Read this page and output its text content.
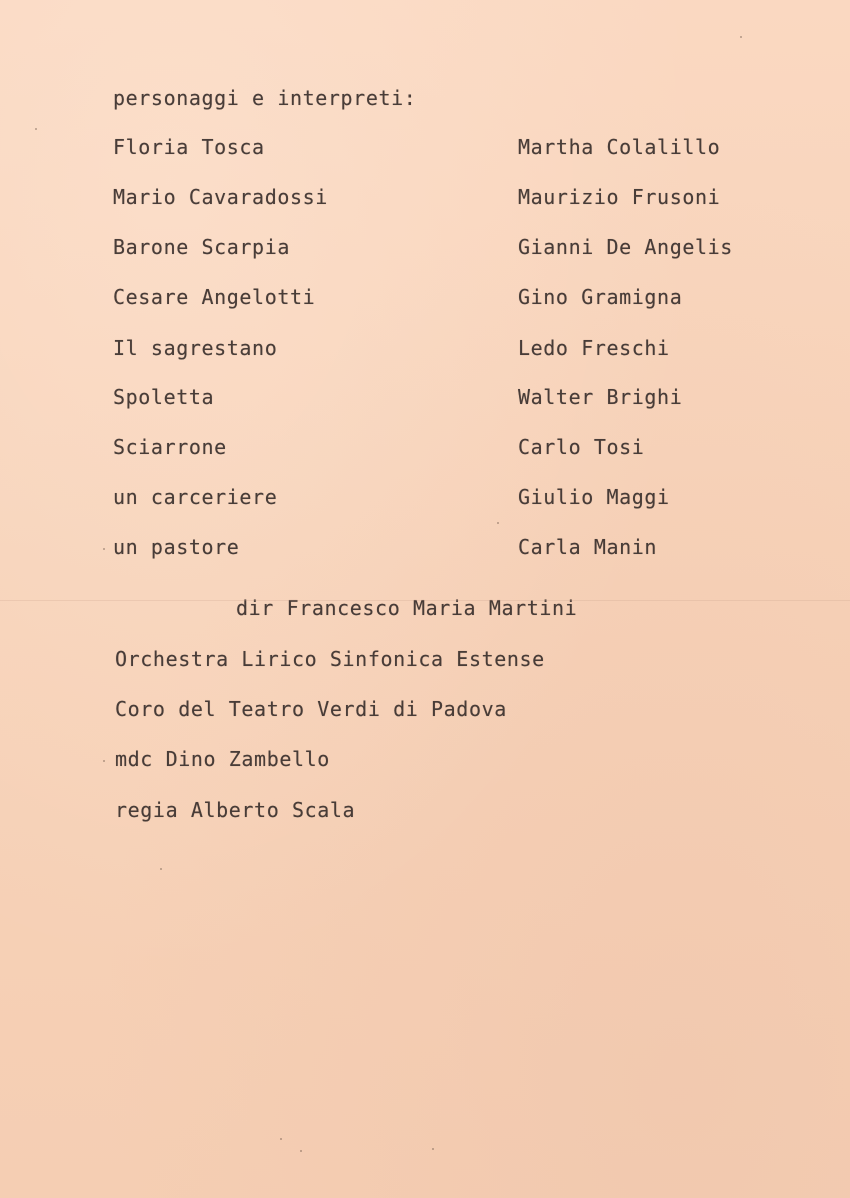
personaggi e interpreti:

Floria Tosca	Martha Colalillo

Mario Cavaradossi	Maurizio Frusoni

Barone Scarpia	Gianni De Angelis

Cesare Angelotti	Gino Gramigna

Il sagrestano	Ledo Freschi

Spoletta	Walter Brighi

Sciarrone	Carlo Tosi

un carceriere	Giulio Maggi

un pastore	Carla Manin

dir Francesco Maria Martini

Orchestra Lirico Sinfonica Estense

Coro del Teatro Verdi di Padova

mdc Dino Zambello

regia Alberto Scala
